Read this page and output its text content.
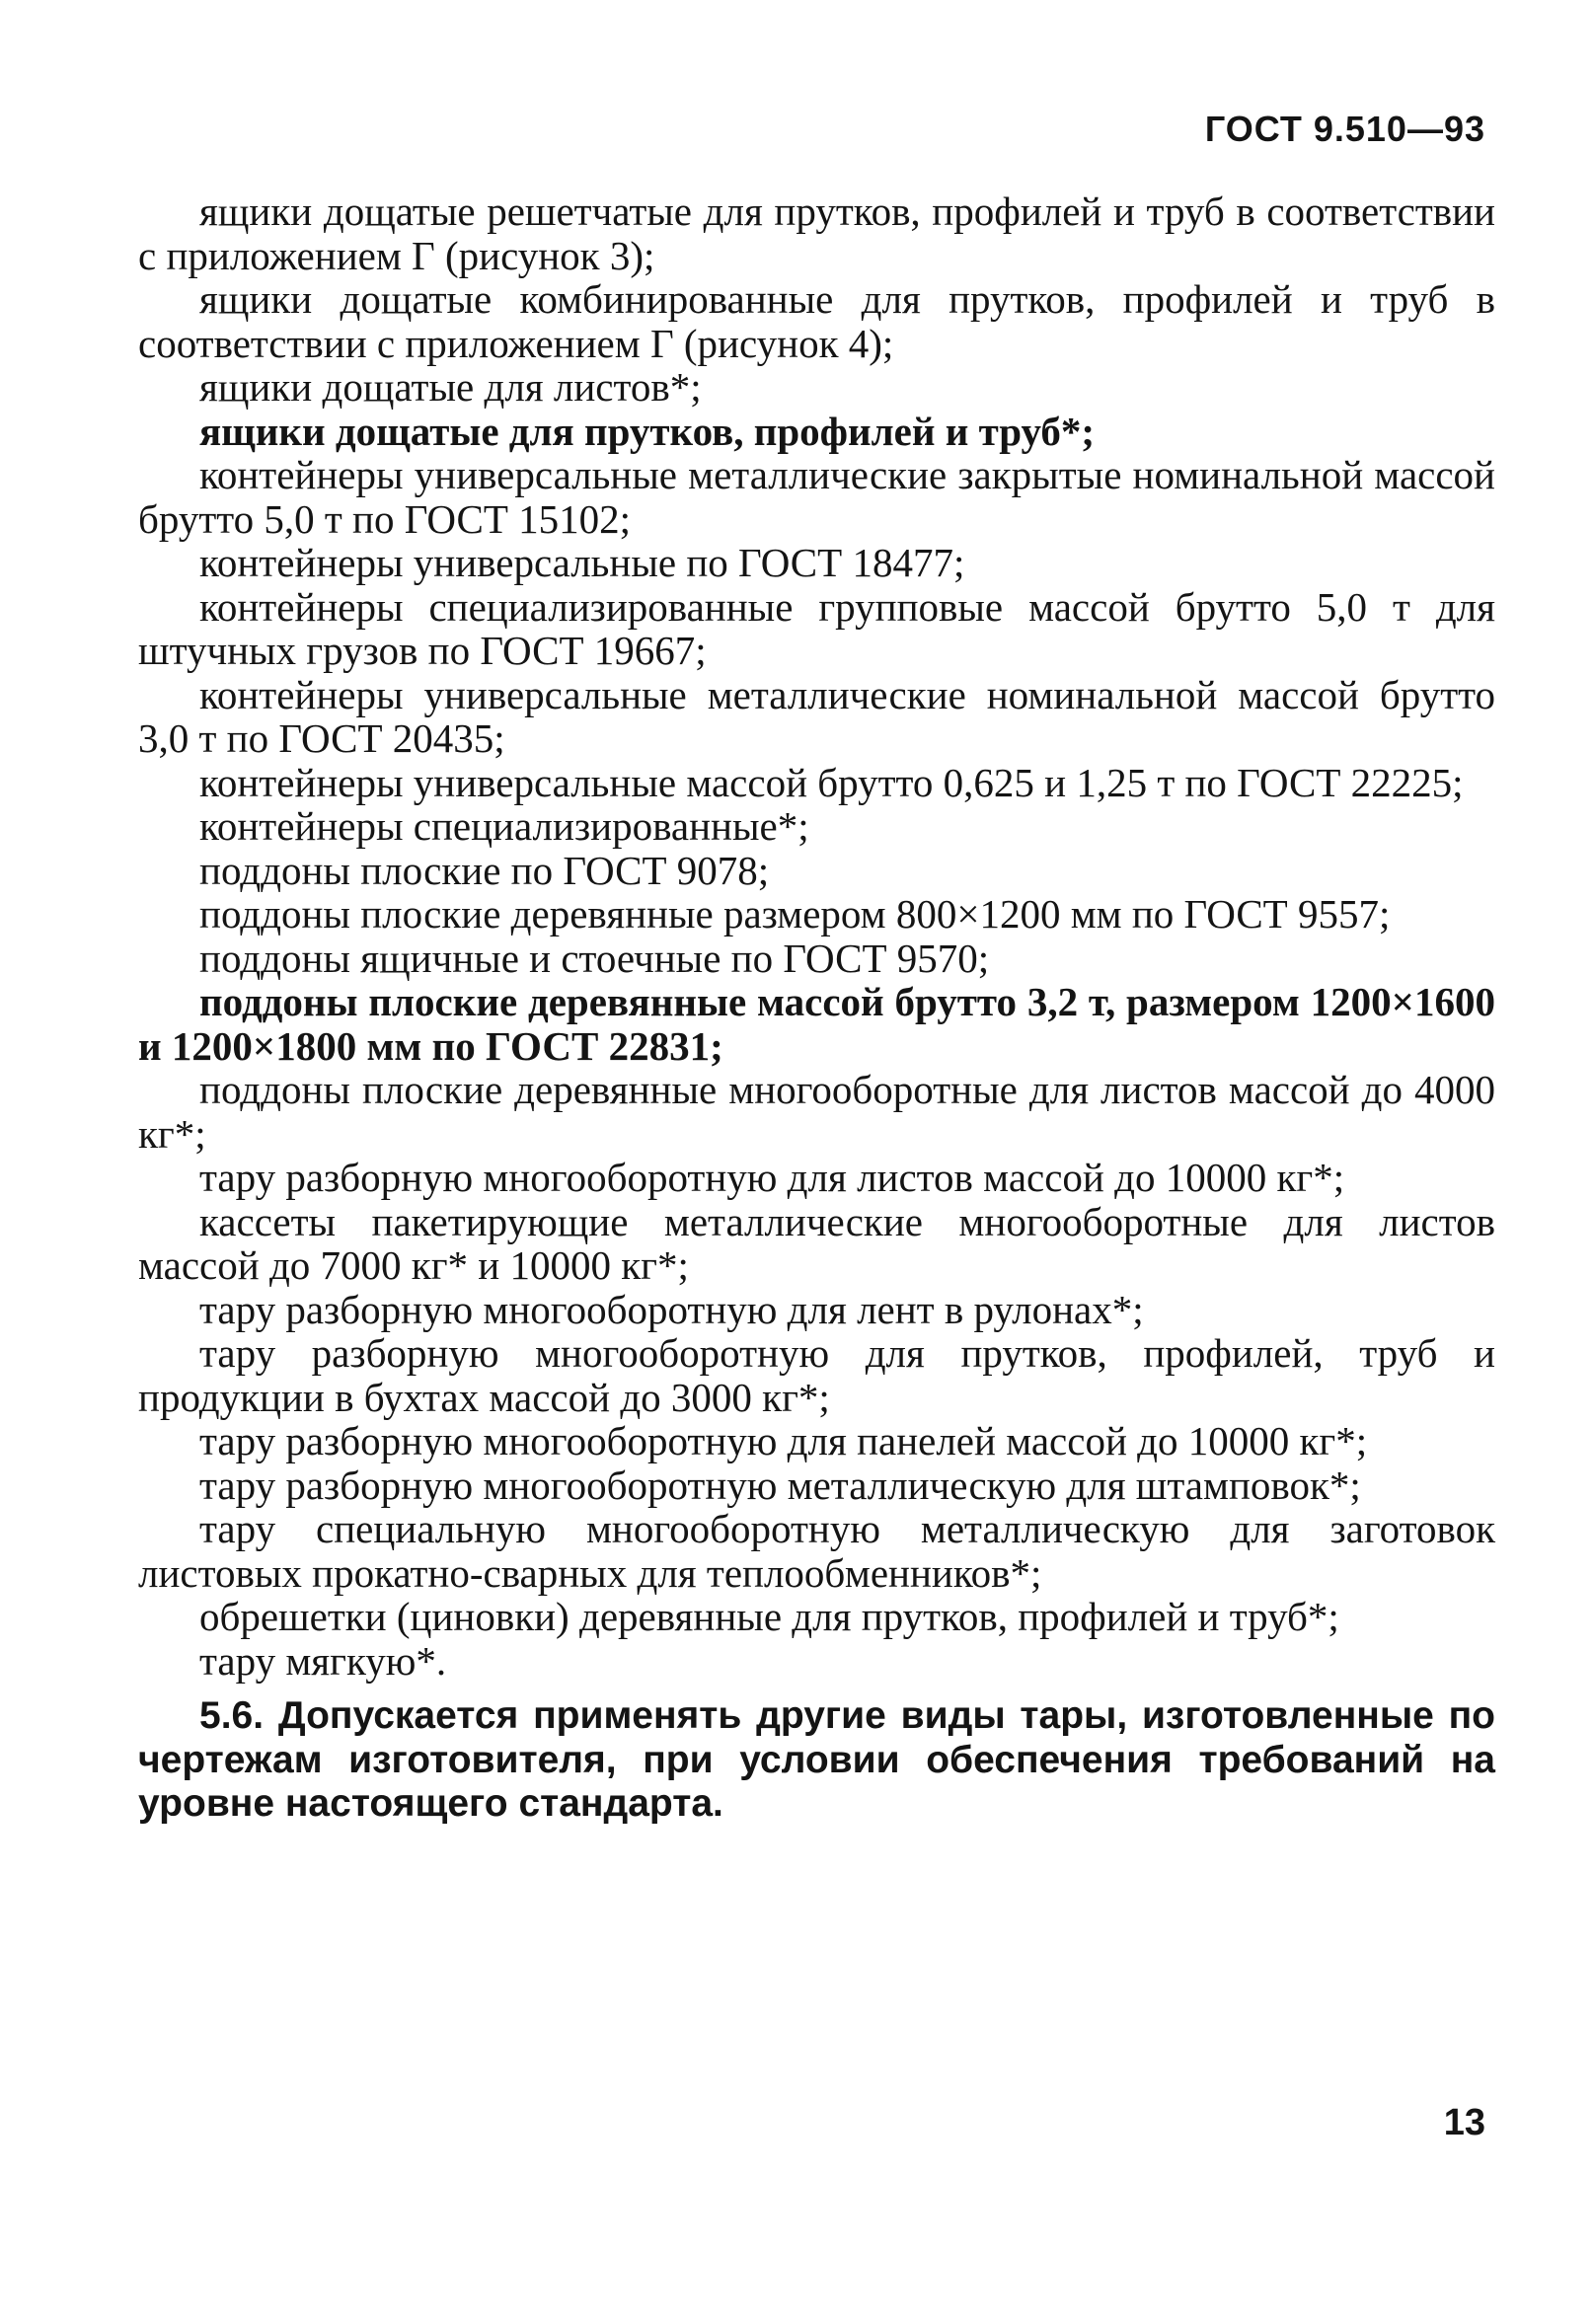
ГОСТ 9.510—93

ящики дощатые решетчатые для прутков, профилей и труб в соответствии с приложением Г (рисунок 3);

ящики дощатые комбинированные для прутков, профилей и труб в соответствии с приложением Г (рисунок 4);

ящики дощатые для листов*;

ящики дощатые для прутков, профилей и труб*;

контейнеры универсальные металлические закрытые номинальной массой брутто 5,0 т по ГОСТ 15102;

контейнеры универсальные по ГОСТ 18477;

контейнеры специализированные групповые массой брутто 5,0 т для штучных грузов по ГОСТ 19667;

контейнеры универсальные металлические номинальной массой брутто 3,0 т по ГОСТ 20435;

контейнеры универсальные массой брутто 0,625 и 1,25 т по ГОСТ 22225;

контейнеры специализированные*;

поддоны плоские по ГОСТ 9078;

поддоны плоские деревянные размером 800×1200 мм по ГОСТ 9557;

поддоны ящичные и стоечные по ГОСТ 9570;

поддоны плоские деревянные массой брутто 3,2 т, размером 1200×1600 и 1200×1800 мм по ГОСТ 22831;

поддоны плоские деревянные многооборотные для листов массой до 4000 кг*;

тару разборную многооборотную для листов массой до 10000 кг*;

кассеты пакетирующие металлические многооборотные для листов массой до 7000 кг* и 10000 кг*;

тару разборную многооборотную для лент в рулонах*;

тару разборную многооборотную для прутков, профилей, труб и продукции в бухтах массой до 3000 кг*;

тару разборную многооборотную для панелей массой до 10000 кг*;

тару разборную многооборотную металлическую для штамповок*;

тару специальную многооборотную металлическую для заготовок листовых прокатно-сварных для теплообменников*;

обрешетки (циновки) деревянные для прутков, профилей и труб*;

тару мягкую*.

5.6. Допускается применять другие виды тары, изготовленные по чертежам изготовителя, при условии обеспечения требований на уровне настоящего стандарта.

13
